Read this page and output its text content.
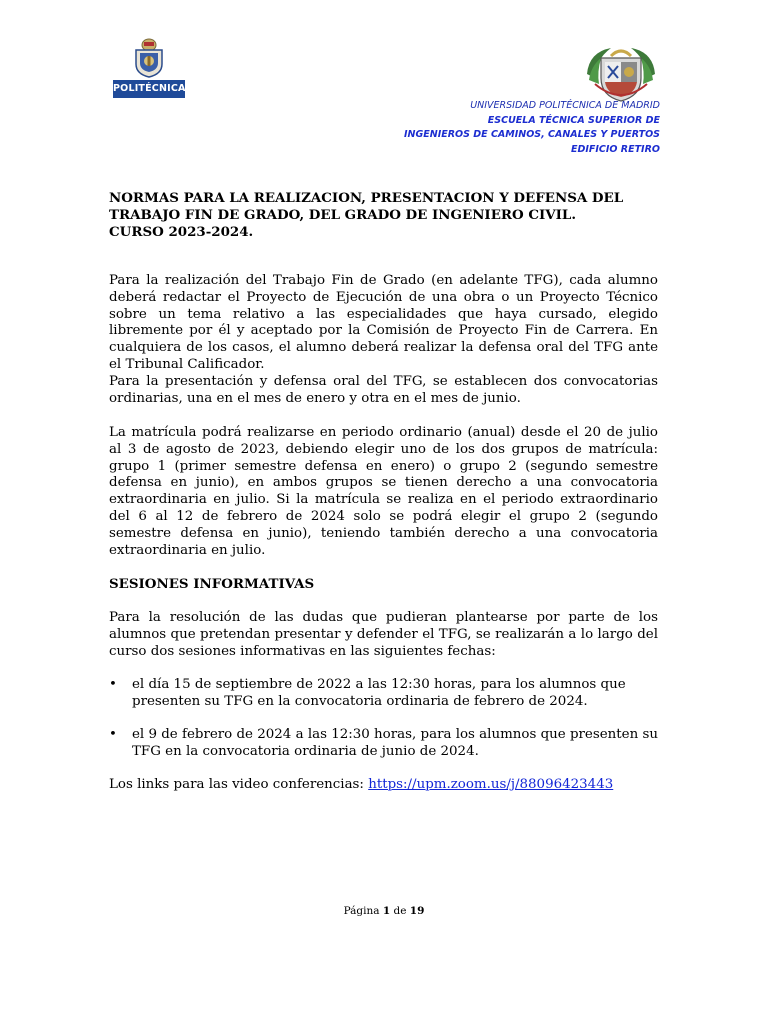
POLITÉCNICA
UNIVERSIDAD POLITÉCNICA DE MADRID
ESCUELA TÉCNICA SUPERIOR DE
INGENIEROS DE CAMINOS, CANALES Y PUERTOS
EDIFICIO RETIRO
NORMAS PARA LA REALIZACION, PRESENTACION Y DEFENSA DEL
TRABAJO FIN DE GRADO, DEL GRADO DE INGENIERO CIVIL.
CURSO 2023-2024.

Para la realización del Trabajo Fin de Grado (en adelante TFG), cada alumno deberá redactar el Proyecto de Ejecución de una obra o un Proyecto Técnico sobre un tema relativo a las especialidades que haya cursado, elegido libremente por él y aceptado por la Comisión de Proyecto Fin de Carrera. En cualquiera de los casos, el alumno deberá realizar la defensa oral del TFG ante el Tribunal Calificador.

Para la presentación y defensa oral del TFG, se establecen dos convocatorias ordinarias, una en el mes de enero y otra en el mes de junio.

La matrícula podrá realizarse en periodo ordinario (anual) desde el 20 de julio al 3 de agosto de 2023, debiendo elegir uno de los dos grupos de matrícula: grupo 1 (primer semestre defensa en enero) o grupo 2 (segundo semestre defensa en junio), en ambos grupos se tienen derecho a una convocatoria extraordinaria en julio. Si la matrícula se realiza en el periodo extraordinario del 6 al 12 de febrero de 2024 solo se podrá elegir el grupo 2 (segundo semestre defensa en junio), teniendo también derecho a una convocatoria extraordinaria en julio.

SESIONES INFORMATIVAS

Para la resolución de las dudas que pudieran plantearse por parte de los alumnos que pretendan presentar y defender el TFG, se realizarán a lo largo del curso dos sesiones informativas en las siguientes fechas:

•	el día 15 de septiembre de 2022 a las 12:30 horas, para los alumnos que presenten su TFG en la convocatoria ordinaria de febrero de 2024.
•	el 9 de febrero de 2024 a las 12:30 horas, para los alumnos que presenten su TFG en la convocatoria ordinaria de junio de 2024.
Los links para las video conferencias: https://upm.zoom.us/j/88096423443
Página 1 de 19
